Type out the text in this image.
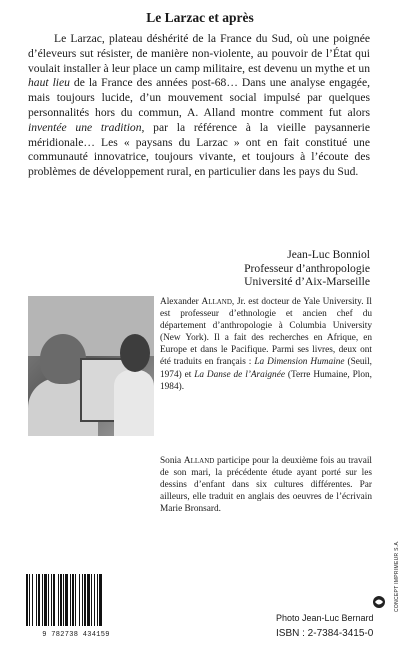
Le Larzac et après

Le Larzac, plateau déshérité de la France du Sud, où une poignée d’éleveurs sut résister, de manière non-violente, au pouvoir de l’État qui voulait installer à leur place un camp militaire, est devenu un mythe et un haut lieu de la France des années post-68… Dans une analyse engagée, mais toujours lucide, d’un mouvement social impulsé par quelques personnalités hors du commun, A. Alland montre comment fut alors inventée une tradition, par la référence à la vieille paysannerie méridionale… Les « paysans du Larzac » ont en fait constitué une communauté innovatrice, toujours vivante, et toujours à l’écoute des problèmes de développement rural, en particulier dans les pays du Sud.

Jean-Luc Bonniol
Professeur d’anthropologie
Université d’Aix-Marseille

Alexander Alland, Jr. est docteur de Yale University. Il est professeur d’ethnologie et ancien chef du département d’anthropologie à Columbia University (New York). Il a fait des recherches en Afrique, en Europe et dans le Pacifique. Parmi ses livres, deux ont été traduits en français : La Dimension Humaine (Seuil, 1974) et La Danse de l’Araignée (Terre Humaine, Plon, 1984).

Sonia Alland participe pour la deuxième fois au travail de son mari, la précédente étude ayant porté sur les dessins d’enfant dans six cultures différentes. Par ailleurs, elle traduit en anglais des oeuvres de l’écrivain Marie Bronsard.

9 782738 434159
Photo Jean-Luc Bernard
ISBN : 2-7384-3415-0
CONCEPT IMPRIMEUR S.A.
